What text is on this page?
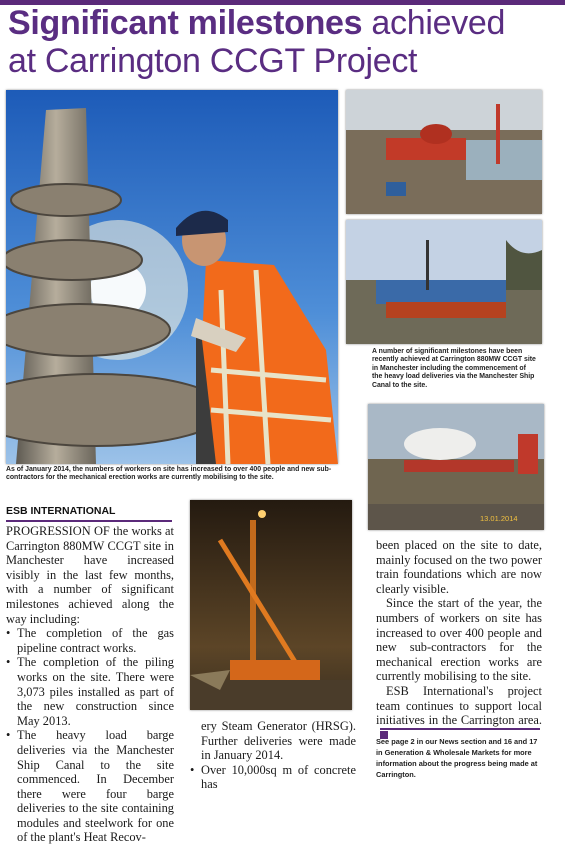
Significant milestones achieved
at Carrington CCGT Project
13.01.2014

As of January 2014, the numbers of workers on site has increased to over 400 people and new sub-contractors for the mechanical erection works are currently mobilising to the site.

A number of significant milestones have been recently achieved at Carrington 880MW CCGT site in Manchester including the commencement of the heavy load deliveries via the Manchester Ship Canal to the site.

ESB INTERNATIONAL

PROGRESSION OF the works at Carrington 880MW CCGT site in Manchester have increased visibly in the last few months, with a number of significant milestones achieved along the way including:

• The completion of the gas pipeline contract works.
• The completion of the piling works on the site. There were 3,073 piles installed as part of the new construction since May 2013.
• The heavy load barge deliveries via the Manchester Ship Canal to the site commenced. In December there were four barge deliveries to the site containing modules and steelwork for one of the plant's Heat Recov-

ery Steam Generator (HRSG). Further deliveries were made in January 2014.

• Over 10,000sq m of concrete has

been placed on the site to date, mainly focused on the two power train foundations which are now clearly visible.

Since the start of the year, the numbers of workers on site has increased to over 400 people and new sub-contractors for the mechanical erection works are currently mobilising to the site.

ESB International's project team continues to support local initiatives in the Carrington area.

See page 2 in our News section and 16 and 17 in Generation & Wholesale Markets for more information about the progress being made at Carrington.
